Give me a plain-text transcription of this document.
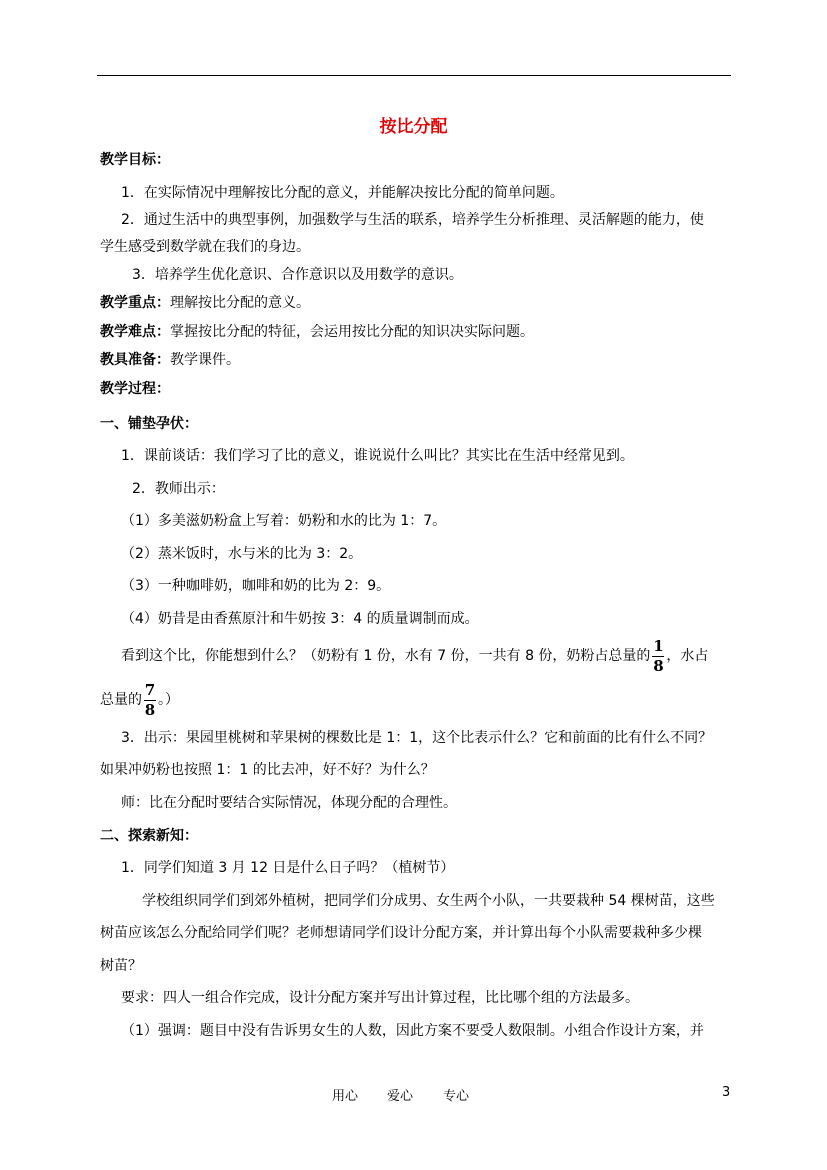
按比分配
教学目标：
1．在实际情况中理解按比分配的意义，并能解决按比分配的简单问题。
2．通过生活中的典型事例，加强数学与生活的联系，培养学生分析推理、灵活解题的能力，使
学生感受到数学就在我们的身边。
3．培养学生优化意识、合作意识以及用数学的意识。
教学重点：理解按比分配的意义。
教学难点：掌握按比分配的特征，会运用按比分配的知识决实际问题。
教具准备：教学课件。
教学过程：
一、铺垫孕伏：
1．课前谈话：我们学习了比的意义，谁说说什么叫比？其实比在生活中经常见到。
2．教师出示：
（1）多美滋奶粉盒上写着：奶粉和水的比为 1：7。
（2）蒸米饭时，水与米的比为 3：2。
（3）一种咖啡奶，咖啡和奶的比为 2：9。
（4）奶昔是由香蕉原汁和牛奶按 3：4 的质量调制而成。
看到这个比，你能想到什么？（奶粉有 1 份，水有 7 份，一共有 8 份，奶粉占总量的 $\frac{1}{8}$ ，水占
总量的 $\frac{7}{8}$ 。）
3．出示：果园里桃树和苹果树的棵数比是 1：1，这个比表示什么？它和前面的比有什么不同？
如果冲奶粉也按照 1：1 的比去冲，好不好？为什么？
师：比在分配时要结合实际情况，体现分配的合理性。
二、探索新知：
1．同学们知道 3 月 12 日是什么日子吗？（植树节）
学校组织同学们到郊外植树，把同学们分成男、女生两个小队，一共要栽种 54 棵树苗，这些
树苗应该怎么分配给同学们呢？老师想请同学们设计分配方案，并计算出每个小队需要栽种多少棵
树苗？
要求：四人一组合作完成，设计分配方案并写出计算过程，比比哪个组的方法最多。
（1）强调：题目中没有告诉男女生的人数，因此方案不要受人数限制。小组合作设计方案，并
用心 爱心 专心	3
